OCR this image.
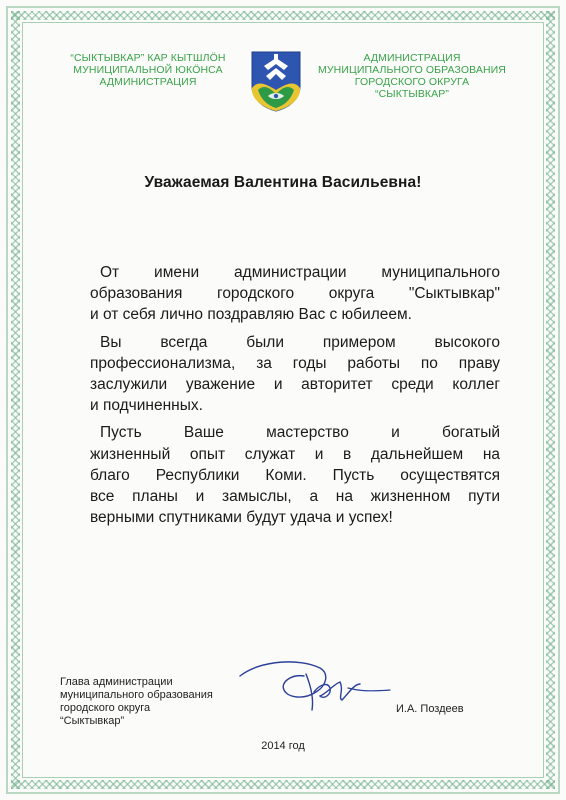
“СЫКТЫВКАР” КАР КЫТШЛÖН
МУНИЦИПАЛЬНОЙ ЮКÖНСА
АДМИНИСТРАЦИЯ
АДМИНИСТРАЦИЯ
МУНИЦИПАЛЬНОГО ОБРАЗОВАНИЯ
ГОРОДСКОГО ОКРУГА
“СЫКТЫВКАР”
Уважаемая Валентина Васильевна!
От имени администрации муниципального
образования городского округа "Сыктывкар"
и от себя лично поздравляю Вас с юбилеем.
Вы всегда были примером высокого
профессионализма, за годы работы по праву
заслужили уважение и авторитет среди коллег
и подчиненных.
Пусть Ваше мастерство и богатый
жизненный опыт служат и в дальнейшем на
благо Республики Коми. Пусть осуществятся
все планы и замыслы, а на жизненном пути
верными спутниками будут удача и успех!
Глава администрации
муниципального образования
городского округа
“Сыктывкар”
И.А. Поздеев
2014 год
